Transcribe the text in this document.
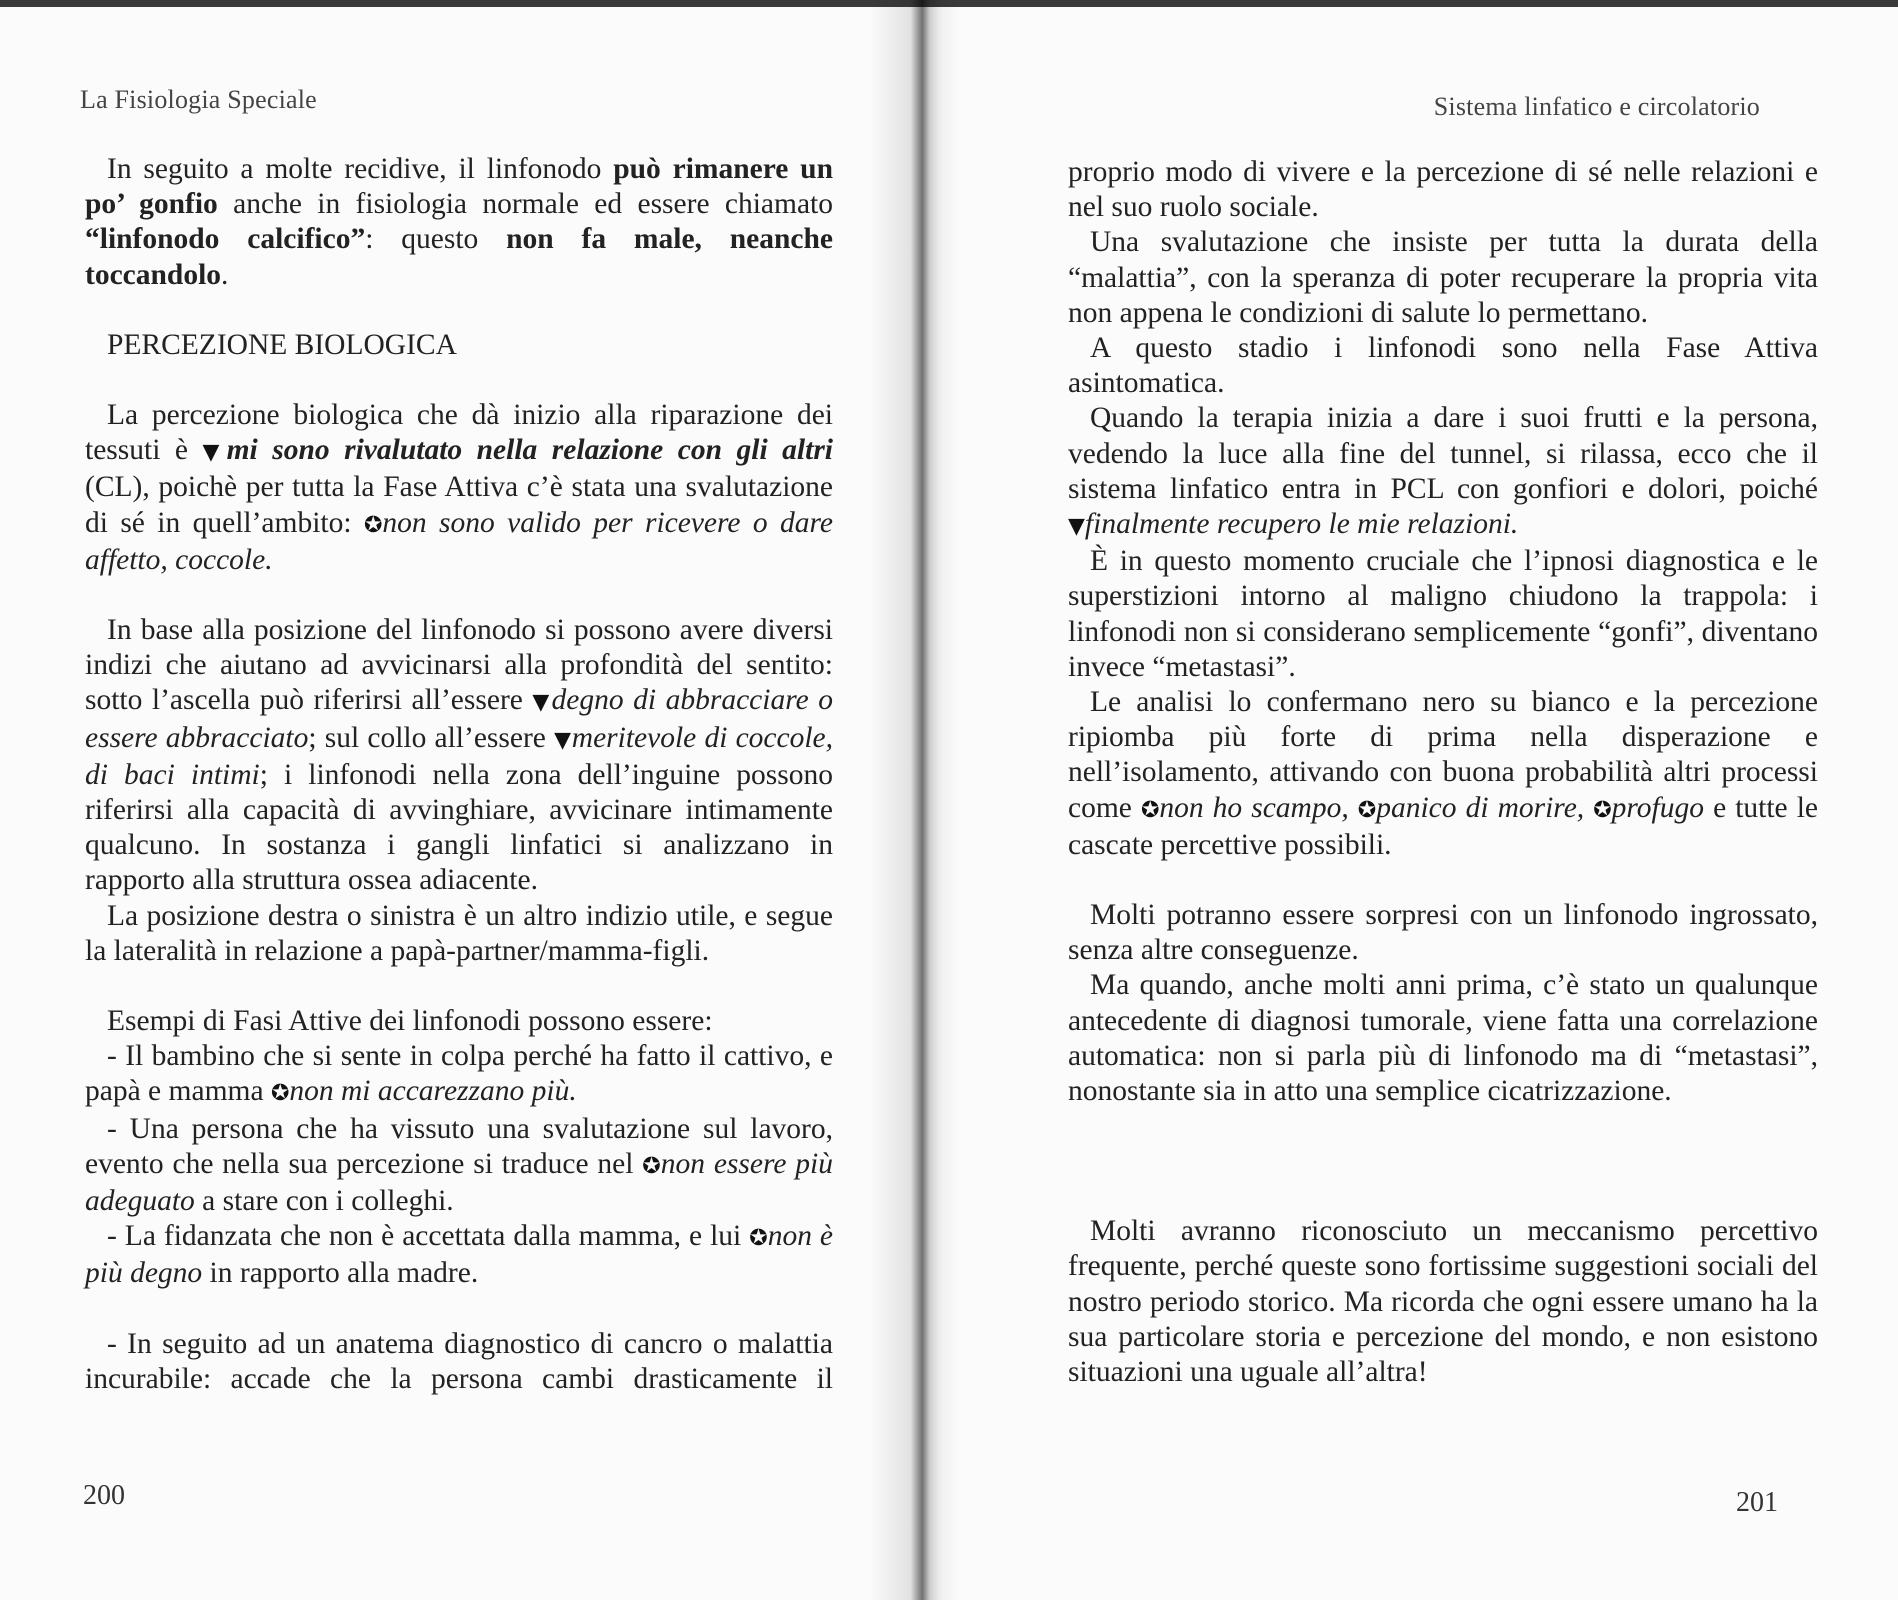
La Fisiologia Speciale

In seguito a molte recidive, il linfonodo può rimanere un po’ gonfio anche in fisiologia normale ed essere chiamato “linfonodo calcifico”: questo non fa male, neanche toccandolo.

PERCEZIONE BIOLOGICA

La percezione biologica che dà inizio alla riparazione dei tessuti è ▼mi sono rivalutato nella relazione con gli altri (CL), poichè per tutta la Fase Attiva c’è stata una svalutazione di sé in quell’ambito: ✪non sono valido per ricevere o dare affetto, coccole.

In base alla posizione del linfonodo si possono avere diversi indizi che aiutano ad avvicinarsi alla profondità del sentito: sotto l’ascella può riferirsi all’essere ▼degno di abbracciare o essere abbracciato; sul collo all’essere ▼meritevole di coccole, di baci intimi; i linfonodi nella zona dell’inguine possono riferirsi alla capacità di avvinghiare, avvicinare intimamente qualcuno. In sostanza i gangli linfatici si analizzano in rapporto alla struttura ossea adiacente.

La posizione destra o sinistra è un altro indizio utile, e segue la lateralità in relazione a papà-partner/mamma-figli.

Esempi di Fasi Attive dei linfonodi possono essere:

- Il bambino che si sente in colpa perché ha fatto il cattivo, e papà e mamma ✪non mi accarezzano più.

- Una persona che ha vissuto una svalutazione sul lavoro, evento che nella sua percezione si traduce nel ✪non essere più adeguato a stare con i colleghi.

- La fidanzata che non è accettata dalla mamma, e lui ✪non è più degno in rapporto alla madre.

- In seguito ad un anatema diagnostico di cancro o malattia incurabile: accade che la persona cambi drasticamente il

200
Sistema linfatico e circolatorio

proprio modo di vivere e la percezione di sé nelle relazioni e nel suo ruolo sociale.

Una svalutazione che insiste per tutta la durata della “malattia”, con la speranza di poter recuperare la propria vita non appena le condizioni di salute lo permettano.

A questo stadio i linfonodi sono nella Fase Attiva asintomatica.

Quando la terapia inizia a dare i suoi frutti e la persona, vedendo la luce alla fine del tunnel, si rilassa, ecco che il sistema linfatico entra in PCL con gonfiori e dolori, poiché ▼finalmente recupero le mie relazioni.

È in questo momento cruciale che l’ipnosi diagnostica e le superstizioni intorno al maligno chiudono la trappola: i linfonodi non si considerano semplicemente “gonfi”, diventano invece “metastasi”.

Le analisi lo confermano nero su bianco e la percezione ripiomba più forte di prima nella disperazione e nell’isolamento, attivando con buona probabilità altri processi come ✪non ho scampo, ✪panico di morire, ✪profugo e tutte le cascate percettive possibili.

Molti potranno essere sorpresi con un linfonodo ingrossato, senza altre conseguenze.

Ma quando, anche molti anni prima, c’è stato un qualunque antecedente di diagnosi tumorale, viene fatta una correlazione automatica: non si parla più di linfonodo ma di “metastasi”, nonostante sia in atto una semplice cicatrizzazione.

Molti avranno riconosciuto un meccanismo percettivo frequente, perché queste sono fortissime suggestioni sociali del nostro periodo storico. Ma ricorda che ogni essere umano ha la sua particolare storia e percezione del mondo, e non esistono situazioni una uguale all’altra!

201
